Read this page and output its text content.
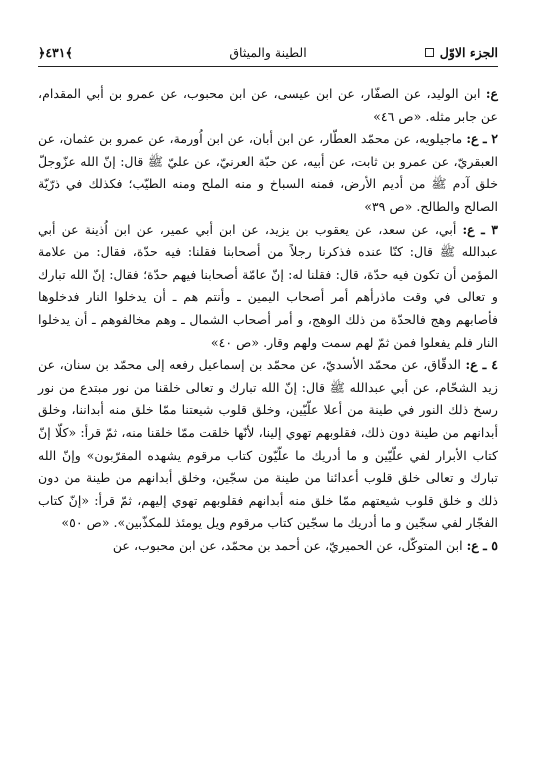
الجزء الاوّل
الطينة والميثاق
﴿٤٣١﴾

ع: ابن الوليد، عن الصفّار، عن ابن عيسى، عن ابن محبوب، عن عمرو بن أبي المقدام، عن جابر مثله. «ص ٤٦»

٢ ـ ع: ماجيلويه، عن محمّد العطّار، عن ابن أبان، عن ابن اُورمة، عن عمرو بن عثمان، عن العبقريّ، عن عمرو بن ثابت، عن أبيه، عن حبّة العرنيّ، عن عليّ ﷺ قال: إنّ الله عزّوجلّ خلق آدم ﷺ من أديم الأرض، فمنه السباخ و منه الملح ومنه الطيّب؛ فكذلك في ذرّيّة الصالح والطالح. «ص ٣٩»

٣ ـ ع: أبي، عن سعد، عن يعقوب بن يزيد، عن ابن أبي عمير، عن ابن اُذينة عن أبي عبدالله ﷺ قال: كنّا عنده فذكرنا رجلاً من أصحابنا فقلنا: فيه حدّة، فقال: من علامة المؤمن أن تكون فيه حدّة، قال: فقلنا له: إنّ عامّة أصحابنا فيهم حدّة؛ فقال: إنّ الله تبارك و تعالى في وقت ماذرأهم أمر أصحاب اليمين ـ وأنتم هم ـ أن يدخلوا النار فدخلوها فأصابهم وهج فالحدّة من ذلك الوهج، و أمر أصحاب الشمال ـ وهم مخالفوهم ـ أن يدخلوا النار فلم يفعلوا فمن ثمّ لهم سمت ولهم وقار. «ص ٤٠»

٤ ـ ع: الدقّاق، عن محمّد الأسديّ، عن محمّد بن إسماعيل رفعه إلى محمّد بن سنان، عن زيد الشحّام، عن أبي عبدالله ﷺ قال: إنّ الله تبارك و تعالى خلقنا من نور مبتدع من نور رسخ ذلك النور في طينة من أعلا علّيّين، وخلق قلوب شيعتنا ممّا خلق منه أبداننا، وخلق أبدانهم من طينة دون ذلك، فقلوبهم تهوي إلينا، لأنّها خلقت ممّا خلقنا منه، ثمّ قرأ: «كلّا إنّ كتاب الأبرار لفي علّيّين و ما أدريك ما علّيّون كتاب مرقوم يشهده المقرّبون» وإنّ الله تبارك و تعالى خلق قلوب أعدائنا من طينة من سجّين، وخلق أبدانهم من طينة من دون ذلك و خلق قلوب شيعتهم ممّا خلق منه أبدانهم فقلوبهم تهوي إليهم، ثمّ قرأ: «إنّ كتاب الفجّار لفي سجّين و ما أدريك ما سجّين كتاب مرقوم ويل يومئذ للمكذّبين». «ص ٥٠»

٥ ـ ع: ابن المتوكّل، عن الحميريّ، عن أحمد بن محمّد، عن ابن محبوب، عن
